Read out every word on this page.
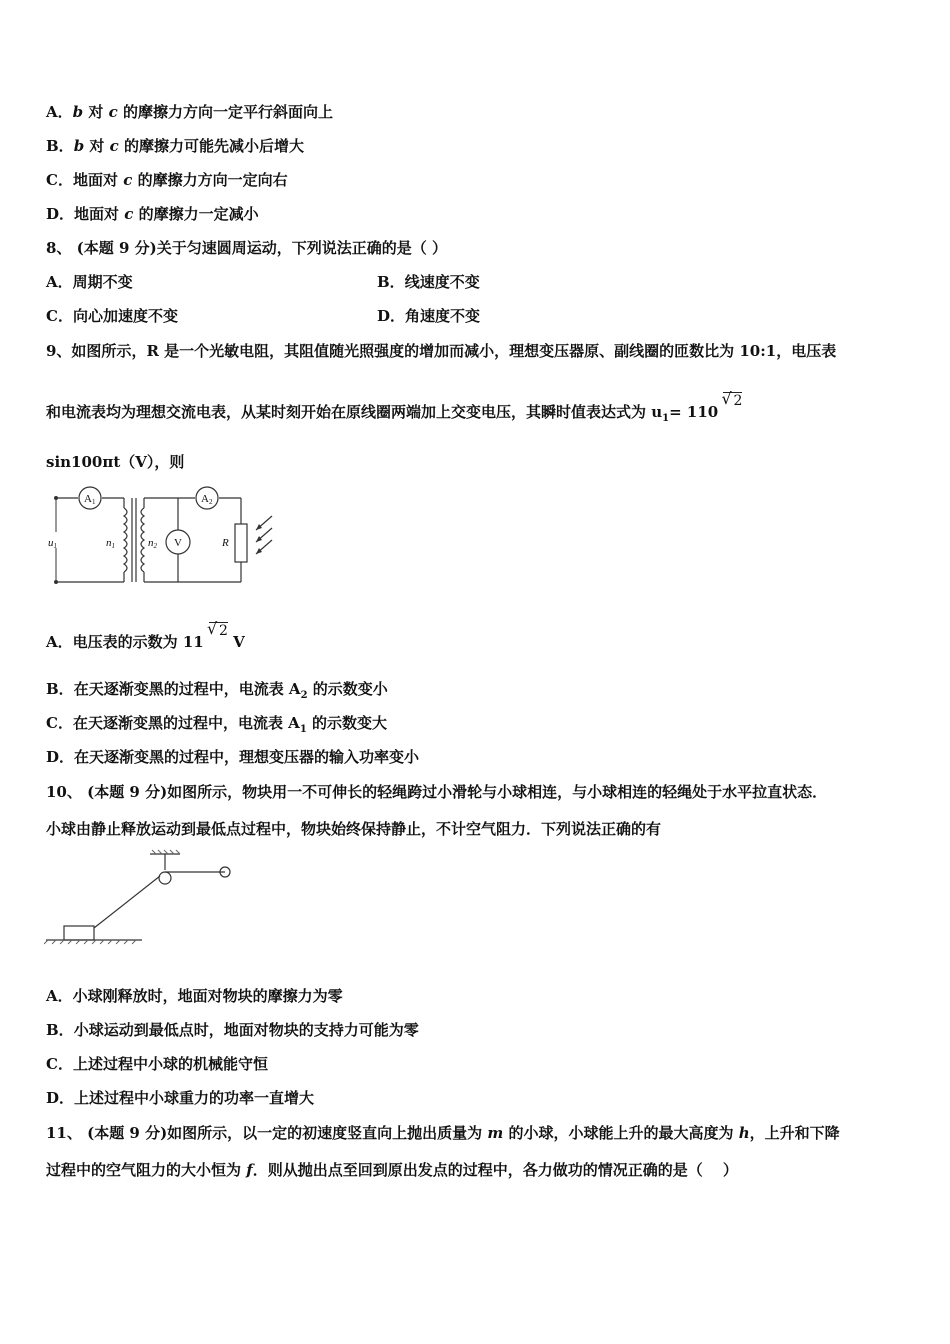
A．b 对 c 的摩擦力方向一定平行斜面向上
B．b 对 c 的摩擦力可能先减小后增大
C．地面对 c 的摩擦力方向一定向右
D．地面对 c 的摩擦力一定减小
8、 (本题 9 分)关于匀速圆周运动，下列说法正确的是（ ）
A．周期不变	B．线速度不变
C．向心加速度不变	D．角速度不变
9、如图所示，R 是一个光敏电阻，其阻值随光照强度的增加而减小，理想变压器原、副线圈的匝数比为 10:1，电压表
和电流表均为理想交流电表，从某时刻开始在原线圈两端加上交变电压，其瞬时值表达式为 $u_1= 110$ √ 2
sin100πt（V），则
A1	A2
u1	n1	n2 V	R
A．电压表的示数为 11 √ 2 V
B．在天逐渐变黑的过程中，电流表 $A_2$ 的示数变小
C．在天逐渐变黑的过程中，电流表 $A_1$ 的示数变大
D．在天逐渐变黑的过程中，理想变压器的输入功率变小
10、 (本题 9 分)如图所示，物块用一不可伸长的轻绳跨过小滑轮与小球相连，与小球相连的轻绳处于水平拉直状态．
小球由静止释放运动到最低点过程中，物块始终保持静止，不计空气阻力．下列说法正确的有
A．小球刚释放时，地面对物块的摩擦力为零
B．小球运动到最低点时，地面对物块的支持力可能为零
C．上述过程中小球的机械能守恒
D．上述过程中小球重力的功率一直增大
11、 (本题 9 分)如图所示，以一定的初速度竖直向上抛出质量为 m 的小球，小球能上升的最大高度为 h，上升和下降
过程中的空气阻力的大小恒为 f．则从抛出点至回到原出发点的过程中，各力做功的情况正确的是（　 ）
